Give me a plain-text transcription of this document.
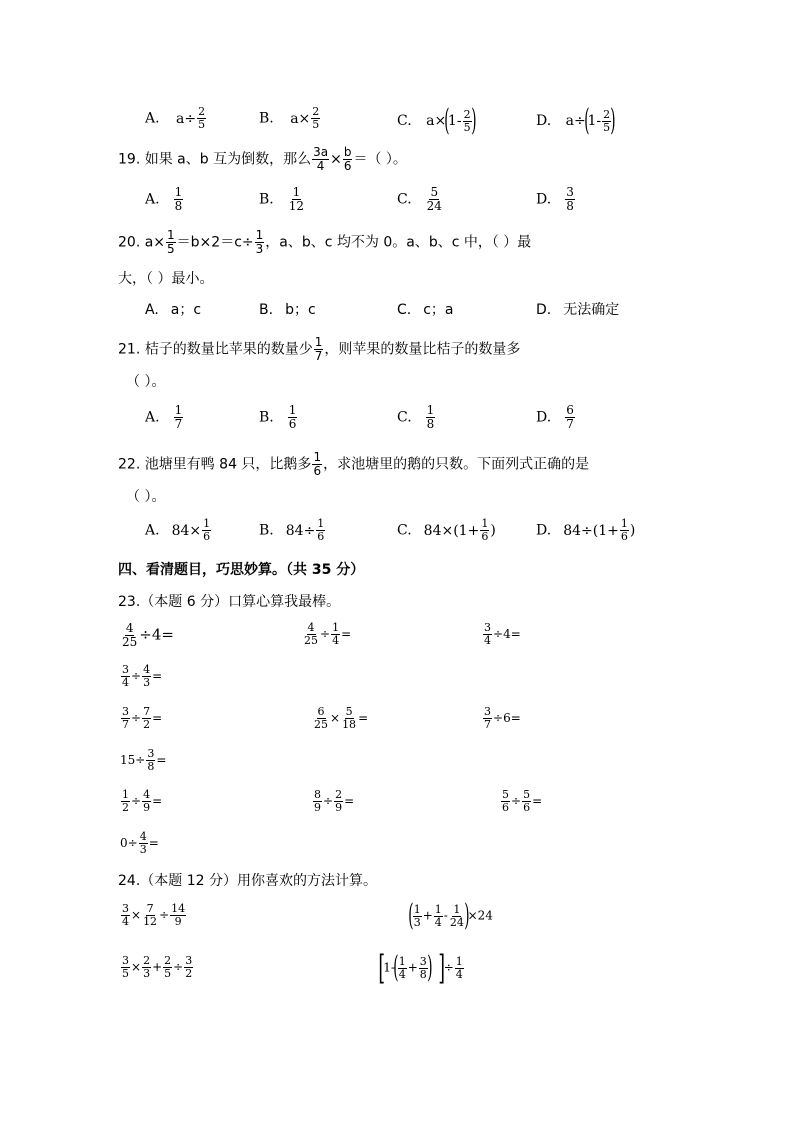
A. $a\div \frac{2}{5}$	B. $a\times \frac{2}{5}$	C. $a\times(1- \frac{2}{5}$ )	D. $a\div(1- \frac{2}{5}$ )
19. 如果 a、b 互为倒数，那么 $\frac{3a}{4} \times \frac{b}{6}$ ＝（ ）。
A. $\frac{1}{8}$	B. $\frac{1}{12}$	C. $\frac{5}{24}$	D. $\frac{3}{8}$
20. $a\times \frac{1}{5} =b\times 2=c\div \frac{1}{3}$ ，a、b、c 均不为 0。a、b、c 中，（ ）最
大，（ ）最小。
A. a；c	B. b；c	C. c；a	D. 无法确定
21. 桔子的数量比苹果的数量少 $\frac{1}{7}$ ，则苹果的数量比桔子的数量多
（ ）。
A. $\frac{1}{7}$	B. $\frac{1}{6}$	C. $\frac{1}{8}$	D. $\frac{6}{7}$
22. 池塘里有鸭 84 只，比鹅多 $\frac{1}{6}$ ，求池塘里的鹅的只数。下面列式正确的是
（ ）。
A. $84\times \frac{1}{6}$	B. $84\div \frac{1}{6}$	C. $84\times(1+ \frac{1}{6}$ )	D. $84\div(1+ \frac{1}{6}$ )
四、看清题目，巧思妙算。（共 35 分）
23.（本题 6 分）口算心算我最棒。
$\frac{4}{25} \div 4=$	$\frac{4}{25} \div \frac{1}{4}$ =	$\frac{3}{4} \div 4=$
$\frac{3}{4} \div \frac{4}{3}$ =
$\frac{3}{7} \div \frac{7}{2}$ =	$\frac{6}{25} \times \frac{5}{18}$ =	$\frac{3}{7} \div 6=$
$15\div \frac{3}{8}$ =
$\frac{1}{2} \div \frac{4}{9}$ =	$\frac{8}{9} \div \frac{2}{9}$ =	$\frac{5}{6} \div \frac{5}{6}$ =
$0\div \frac{4}{3}$ =
24.（本题 12 分）用你喜欢的方法计算。
$\frac{3}{4} \times \frac{7}{12} \div \frac{14}{9}$	( $\frac{1}{3} + \frac{1}{4} - \frac{1}{24} )\times 24$
$\frac{3}{5} \times \frac{2}{3} + \frac{2}{5} \div \frac{3}{2}$	[$1-( \frac{1}{4} + \frac{3}{8}$ ) ]÷ $\frac{1}{4}$
